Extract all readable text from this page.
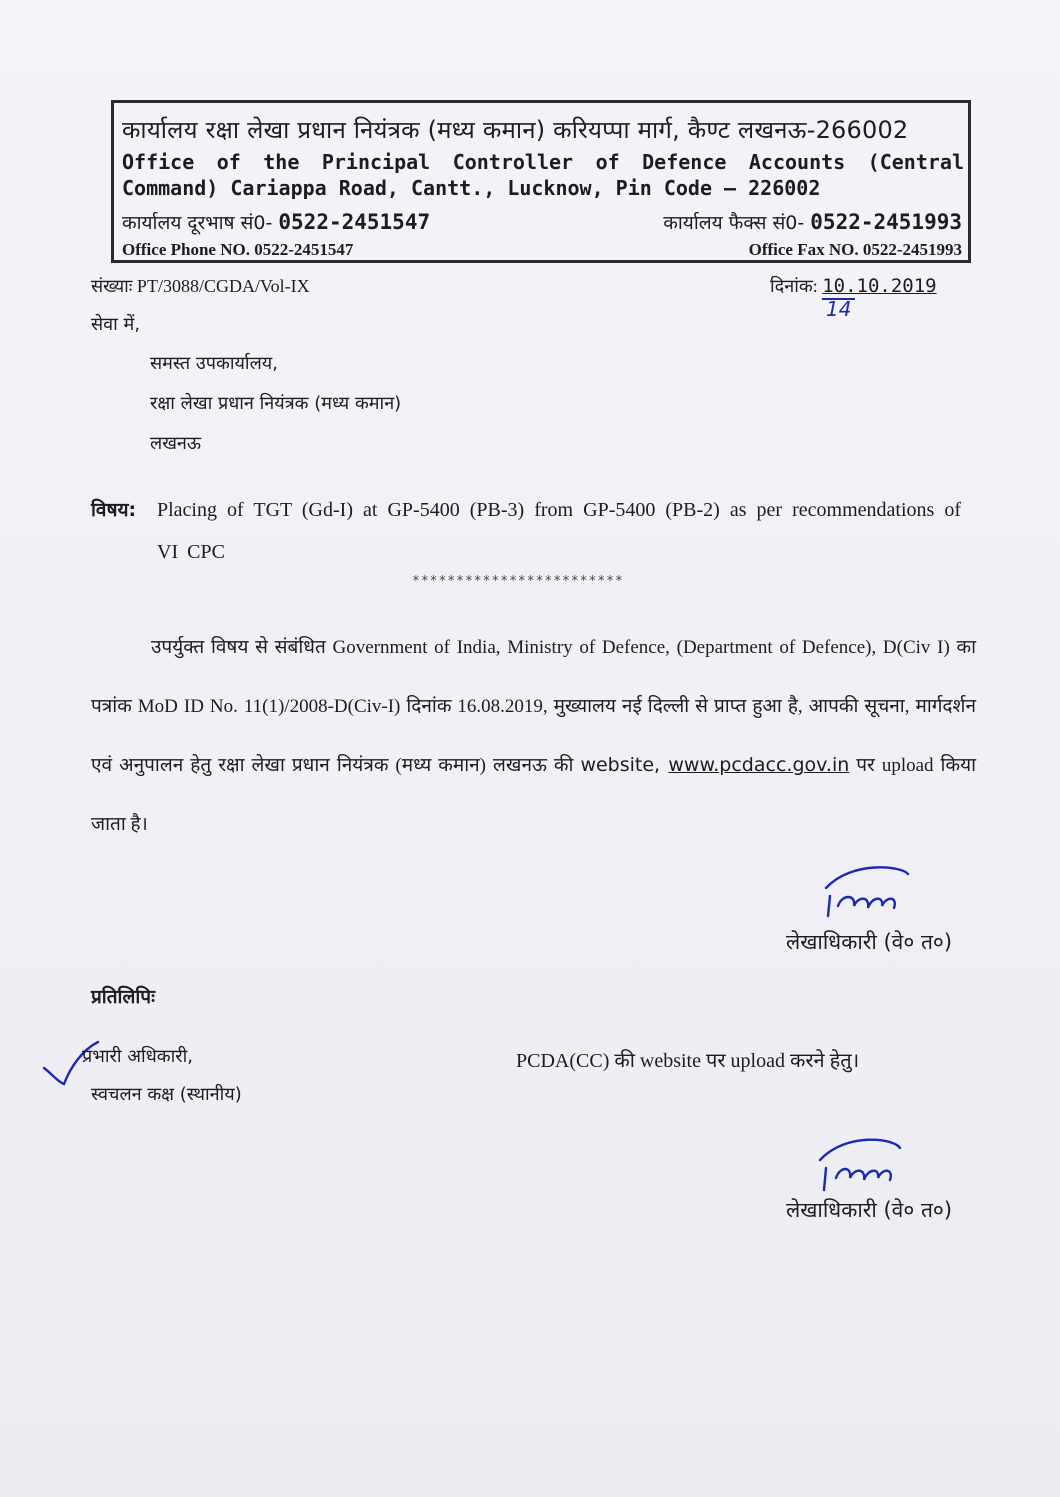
कार्यालय रक्षा लेखा प्रधान नियंत्रक (मध्य कमान) करियप्पा मार्ग, कैण्ट लखनऊ-266002
Office of the Principal Controller of Defence Accounts (Central Command) Cariappa Road, Cantt., Lucknow, Pin Code – 226002
कार्यालय दूरभाष सं0- 0522-2451547	कार्यालय फैक्स सं0- 0522-2451993
Office Phone NO. 0522-2451547	Office Fax NO. 0522-2451993
संख्याः PT/3088/CGDA/Vol-IX	दिनांक: 10.10.2019
14
सेवा में,
समस्त उपकार्यालय,
रक्षा लेखा प्रधान नियंत्रक (मध्य कमान)
लखनऊ
विषय:	Placing of TGT (Gd-I) at GP-5400 (PB-3) from GP-5400 (PB-2) as per recommendations of VI CPC
************************
उपर्युक्त विषय से संबंधित Government of India, Ministry of Defence, (Department of Defence), D(Civ I) का पत्रांक MoD ID No. 11(1)/2008-D(Civ-I) दिनांक 16.08.2019, मुख्यालय नई दिल्ली से प्राप्त हुआ है, आपकी सूचना, मार्गदर्शन एवं अनुपालन हेतु रक्षा लेखा प्रधान नियंत्रक (मध्य कमान) लखनऊ की website, www.pcdacc.gov.in पर upload किया जाता है।
लेखाधिकारी (वे० त०)
प्रतिलिपिः
प्रभारी अधिकारी,
स्वचलन कक्ष (स्थानीय)
PCDA(CC) की website पर upload करने हेतु।
लेखाधिकारी (वे० त०)
